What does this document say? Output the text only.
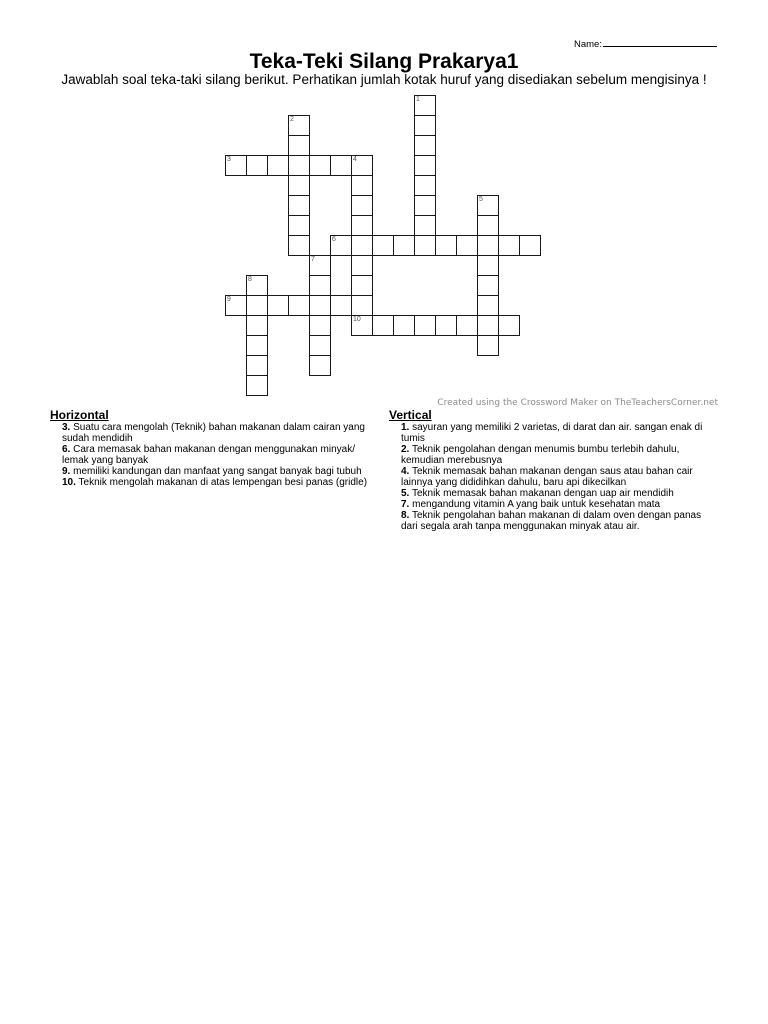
Name:
Teka-Teki Silang Prakarya1
Jawablah soal teka-taki silang berikut. Perhatikan jumlah kotak huruf yang disediakan sebelum mengisinya !
1
2
3	4
5
6
7
8
9
10
Created using the Crossword Maker on TheTeachersCorner.net
Horizontal	Vertical
3. Suatu cara mengolah (Teknik) bahan makanan dalam cairan yang sudah mendidih
6. Cara memasak bahan makanan dengan menggunakan minyak/ lemak yang banyak
9. memiliki kandungan dan manfaat yang sangat banyak bagi tubuh
10. Teknik mengolah makanan di atas lempengan besi panas (gridle)
1. sayuran yang memiliki 2 varietas, di darat dan air. sangan enak di tumis
2. Teknik pengolahan dengan menumis bumbu terlebih dahulu, kemudian merebusnya
4. Teknik memasak bahan makanan dengan saus atau bahan cair lainnya yang dididihkan dahulu, baru api dikecilkan
5. Teknik memasak bahan makanan dengan uap air mendidih
7. mengandung vitamin A yang baik untuk kesehatan mata
8. Teknik pengolahan bahan makanan di dalam oven dengan panas dari segala arah tanpa menggunakan minyak atau air.
